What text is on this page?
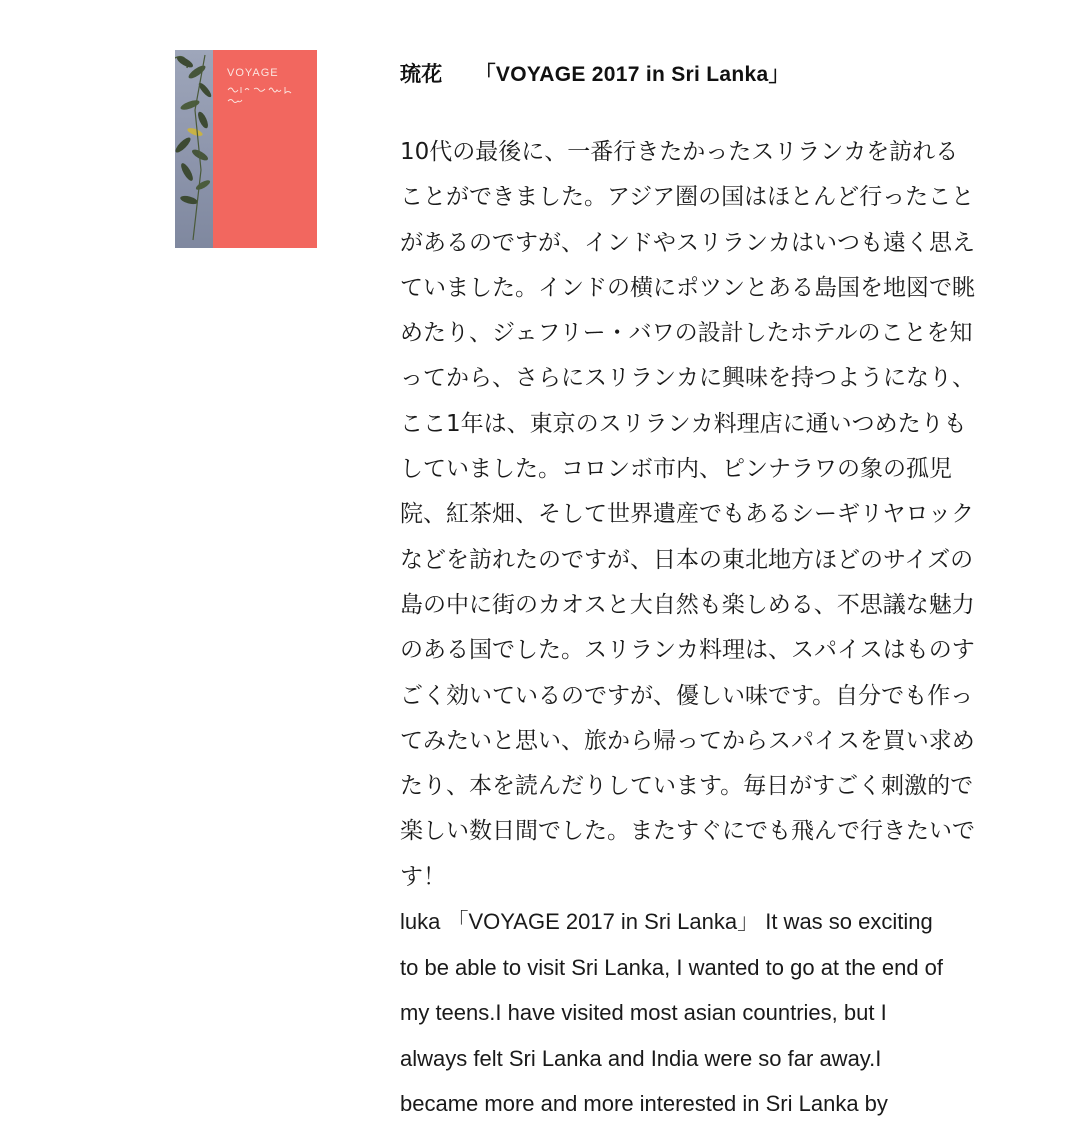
VOYAGE	琉花 「VOYAGE 2017 in Sri Lanka」
10代の最後に、一番行きたかったスリランカを訪れる
ことができました。アジア圏の国はほとんど行ったこと
があるのですが、インドやスリランカはいつも遠く思え
ていました。インドの横にポツンとある島国を地図で眺
めたり、ジェフリー・バワの設計したホテルのことを知
ってから、さらにスリランカに興味を持つようになり、
ここ1年は、東京のスリランカ料理店に通いつめたりも
していました。コロンボ市内、ピンナラワの象の孤児
院、紅茶畑、そして世界遺産でもあるシーギリヤロック
などを訪れたのですが、日本の東北地方ほどのサイズの
島の中に街のカオスと大自然も楽しめる、不思議な魅力
のある国でした。スリランカ料理は、スパイスはものす
ごく効いているのですが、優しい味です。自分でも作っ
てみたいと思い、旅から帰ってからスパイスを買い求め
たり、本を読んだりしています。毎日がすごく刺激的で
楽しい数日間でした。またすぐにでも飛んで行きたいで
す！
luka 「VOYAGE 2017 in Sri Lanka」 It was so exciting
to be able to visit Sri Lanka, I wanted to go at the end of
my teens.I have visited most asian countries, but I
always felt Sri Lanka and India were so far away.I
became more and more interested in Sri Lanka by
